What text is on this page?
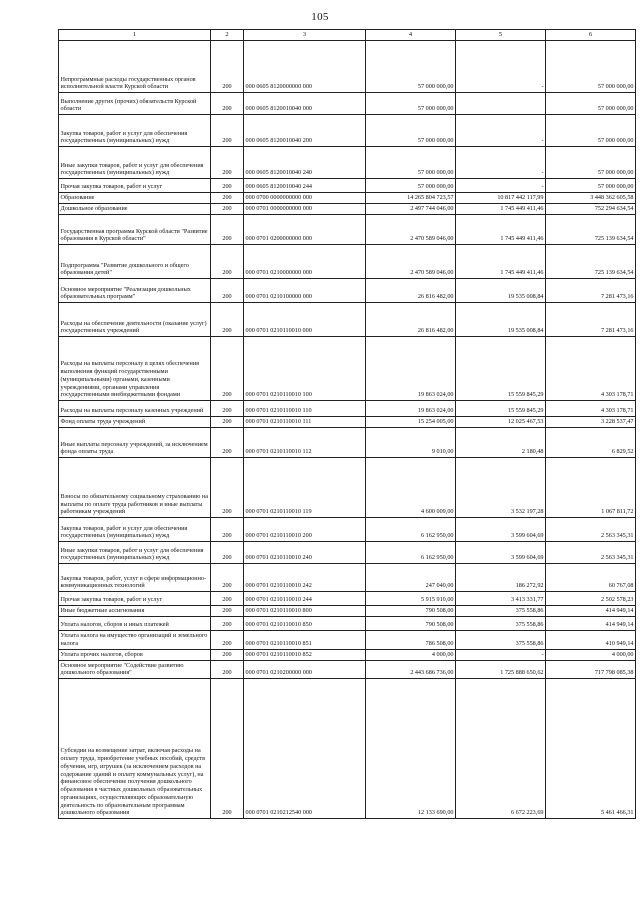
105
1	2	3	4	5	6
Непрограммные расходы государственных органов исполнительной власти Курской области	200	000 0605 8120000000 000	57 000 000,00	-	57 000 000,00
Выполнение других (прочих) обязательств Курской области	200	000 0605 8120010040 000	57 000 000,00		57 000 000,00
Закупка товаров, работ и услуг для обеспечения государственных (муниципальных) нужд	200	000 0605 8120010040 200	57 000 000,00	-	57 000 000,00
Иные закупки товаров, работ и услуг для обеспечения государственных (муниципальных) нужд	200	000 0605 8120010040 240	57 000 000,00	-	57 000 000,00
Прочая закупка товаров, работ и услуг	200	000 0605 8120010040 244	57 000 000,00	-	57 000 000,00
Образование	200	000 0700 0000000000 000	14 265 804 723,57	10 817 442 117,99	3 448 362 605,58
Дошкольное образование	200	000 0701 0000000000 000	2 497 744 046,00	1 745 449 411,46	752 294 634,54
Государственная программа Курской области "Развитие образования в Курской области"	200	000 0701 0200000000 000	2 470 589 046,00	1 745 449 411,46	725 139 634,54
Подпрограмма "Развитие дошкольного и общего образования детей"	200	000 0701 0210000000 000	2 470 589 046,00	1 745 449 411,46	725 139 634,54
Основное мероприятие "Реализация дошкольных образовательных программ"	200	000 0701 0210100000 000	26 816 482,00	19 535 008,84	7 281 473,16
Расходы на обеспечение деятельности (оказание услуг) государственных учреждений	200	000 0701 0210110010 000	26 816 482,00	19 535 008,84	7 281 473,16
Расходы на выплаты персоналу в целях обеспечения выполнения функций государственными (муниципальными) органами, казенными учреждениями, органами управления государственными внебюджетными фондами	200	000 0701 0210110010 100	19 863 024,00	15 559 845,29	4 303 178,71
Расходы на выплаты персоналу казенных учреждений	200	000 0701 0210110010 110	19 863 024,00	15 559 845,29	4 303 178,71
Фонд оплаты труда учреждений	200	000 0701 0210110010 111	15 254 005,00	12 025 467,53	3 228 537,47
Иные выплаты персоналу учреждений, за исключением фонда оплаты труда	200	000 0701 0210110010 112	9 010,00	2 180,48	6 829,52
Взносы по обязательному социальному страхованию на выплаты по оплате труда работников и иные выплаты работникам учреждений	200	000 0701 0210110010 119	4 600 009,00	3 532 197,28	1 067 811,72
Закупка товаров, работ и услуг для обеспечения государственных (муниципальных) нужд	200	000 0701 0210110010 200	6 162 950,00	3 599 604,69	2 563 345,31
Иные закупки товаров, работ и услуг для обеспечения государственных (муниципальных) нужд	200	000 0701 0210110010 240	6 162 950,00	3 599 604,69	2 563 345,31
Закупка товаров, работ, услуг в сфере информационно-коммуникационных технологий	200	000 0701 0210110010 242	247 040,00	186 272,92	60 767,08
Прочая закупка товаров, работ и услуг	200	000 0701 0210110010 244	5 915 910,00	3 413 331,77	2 502 578,23
Иные бюджетные ассигнования	200	000 0701 0210110010 800	790 508,00	375 558,86	414 949,14
Уплата налогов, сборов и иных платежей	200	000 0701 0210110010 850	790 508,00	375 558,86	414 949,14
Уплата налога на имущество организаций и земельного налога	200	000 0701 0210110010 851	786 508,00	375 558,86	410 949,14
Уплата прочих налогов, сборов	200	000 0701 0210110010 852	4 000,00	-	4 000,00
Основное мероприятие "Содействие развитию дошкольного образования"	200	000 0701 0210200000 000	2 443 686 736,00	1 725 888 650,62	717 798 085,38
Субсидии на возмещение затрат, включая расходы на оплату труда, приобретение учебных пособий, средств обучения, игр, игрушек (за исключением расходов на содержание зданий и оплату коммунальных услуг), на финансовое обеспечение получения дошкольного образования в частных дошкольных образовательных организациях, осуществляющих образовательную деятельность по образовательным программам дошкольного образования	200	000 0701 0210212540 000	12 133 690,00	6 672 223,69	5 461 466,31
